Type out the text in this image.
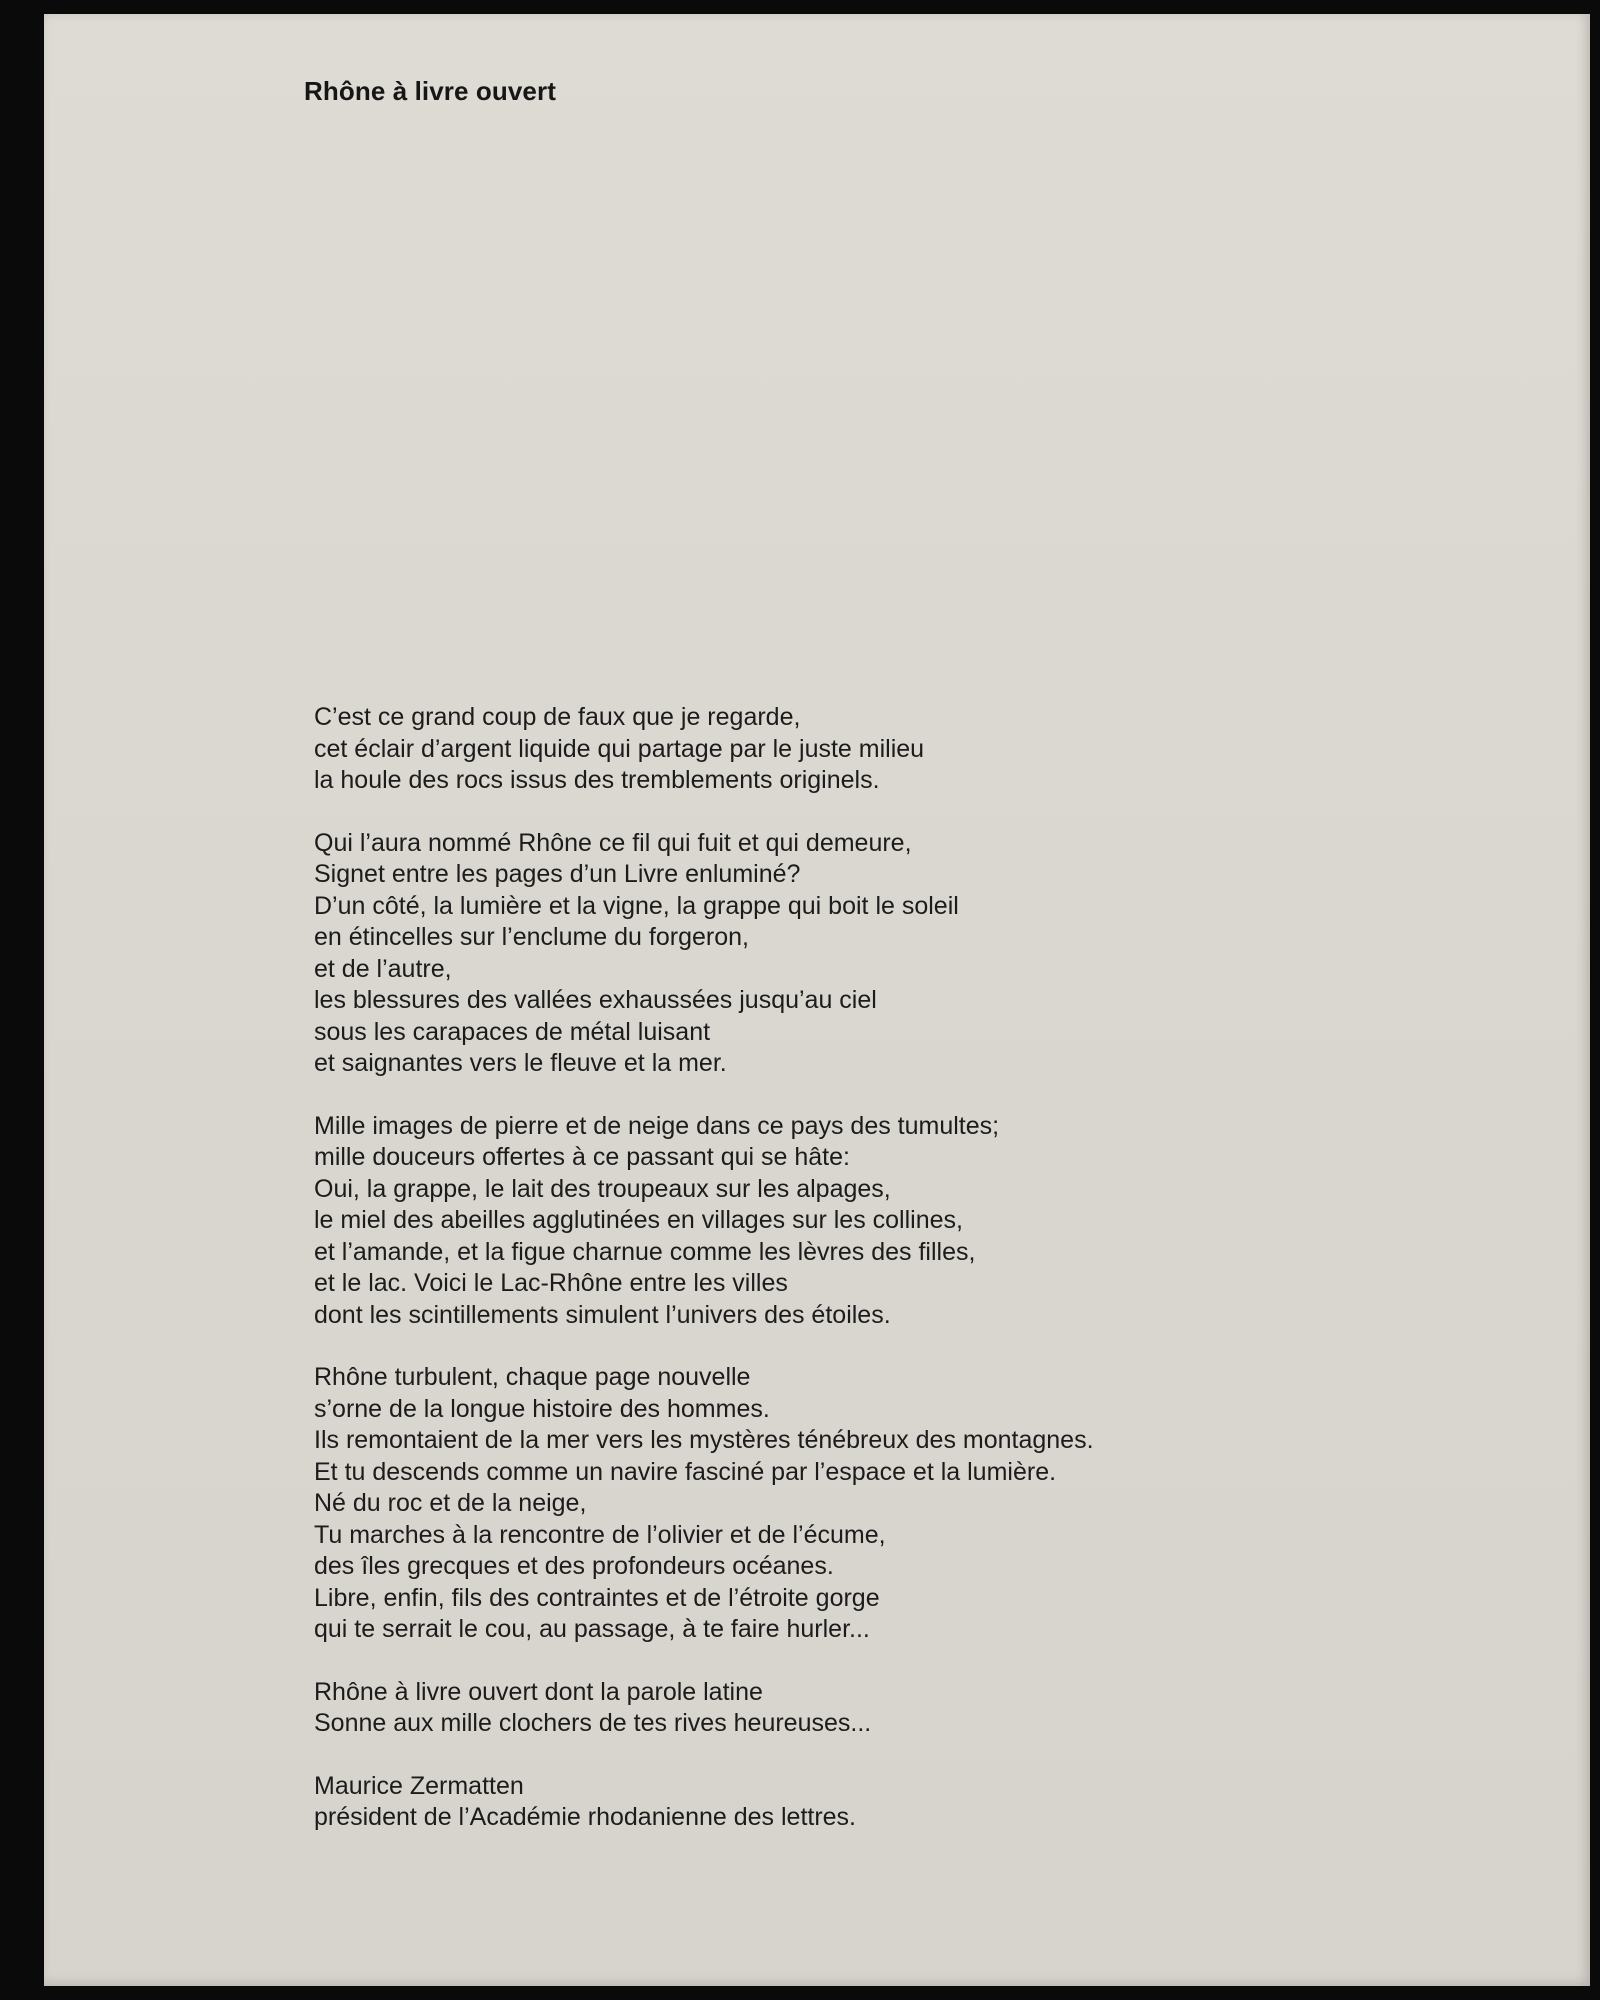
Rhône à livre ouvert
C’est ce grand coup de faux que je regarde,
cet éclair d’argent liquide qui partage par le juste milieu
la houle des rocs issus des tremblements originels.
Qui l’aura nommé Rhône ce fil qui fuit et qui demeure,
Signet entre les pages d’un Livre enluminé?
D’un côté, la lumière et la vigne, la grappe qui boit le soleil
en étincelles sur l’enclume du forgeron,
et de l’autre,
les blessures des vallées exhaussées jusqu’au ciel
sous les carapaces de métal luisant
et saignantes vers le fleuve et la mer.
Mille images de pierre et de neige dans ce pays des tumultes;
mille douceurs offertes à ce passant qui se hâte:
Oui, la grappe, le lait des troupeaux sur les alpages,
le miel des abeilles agglutinées en villages sur les collines,
et l’amande, et la figue charnue comme les lèvres des filles,
et le lac. Voici le Lac-Rhône entre les villes
dont les scintillements simulent l’univers des étoiles.
Rhône turbulent, chaque page nouvelle
s’orne de la longue histoire des hommes.
Ils remontaient de la mer vers les mystères ténébreux des montagnes.
Et tu descends comme un navire fasciné par l’espace et la lumière.
Né du roc et de la neige,
Tu marches à la rencontre de l’olivier et de l’écume,
des îles grecques et des profondeurs océanes.
Libre, enfin, fils des contraintes et de l’étroite gorge
qui te serrait le cou, au passage, à te faire hurler...
Rhône à livre ouvert dont la parole latine
Sonne aux mille clochers de tes rives heureuses...
Maurice Zermatten
président de l’Académie rhodanienne des lettres.
